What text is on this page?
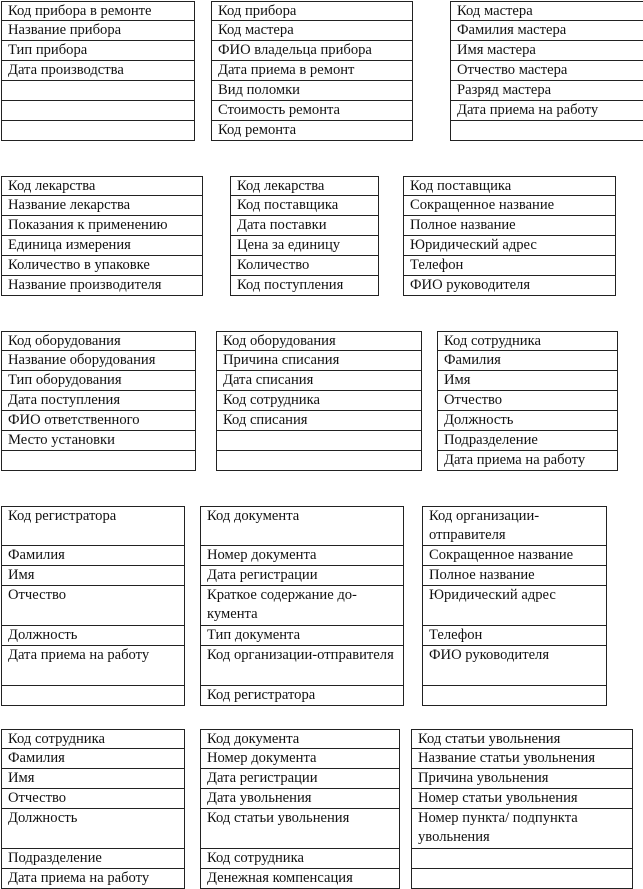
Код прибора в ремонте
Название прибора
Тип прибора
Дата производства
Код прибора
Код мастера
ФИО владельца прибора
Дата приема в ремонт
Вид поломки
Стоимость ремонта
Код ремонта
Код мастера
Фамилия мастера
Имя мастера
Отчество мастера
Разряд мастера
Дата приема на работу
Код лекарства
Название лекарства
Показания к применению
Единица измерения
Количество в упаковке
Название производителя
Код лекарства
Код поставщика
Дата поставки
Цена за единицу
Количество
Код поступления
Код поставщика
Сокращенное название
Полное название
Юридический адрес
Телефон
ФИО руководителя
Код оборудования
Название оборудования
Тип оборудования
Дата поступления
ФИО ответственного
Место установки
Код оборудования
Причина списания
Дата списания
Код сотрудника
Код списания
Код сотрудника
Фамилия
Имя
Отчество
Должность
Подразделение
Дата приема на работу
Код регистратора
Фамилия
Имя
Отчество
Должность
Дата приема на работу
Код документа
Номер документа
Дата регистрации
Краткое содержание до-кумента
Тип документа
Код организации-отправителя
Код регистратора
Код организации-отправителя
Сокращенное название
Полное название
Юридический адрес
Телефон
ФИО руководителя
Код сотрудника
Фамилия
Имя
Отчество
Должность
Подразделение
Дата приема на работу
Код документа
Номер документа
Дата регистрации
Дата увольнения
Код статьи увольнения
Код сотрудника
Денежная компенсация
Код статьи увольнения
Название статьи увольнения
Причина увольнения
Номер статьи увольнения
Номер пункта/ подпункта увольнения
